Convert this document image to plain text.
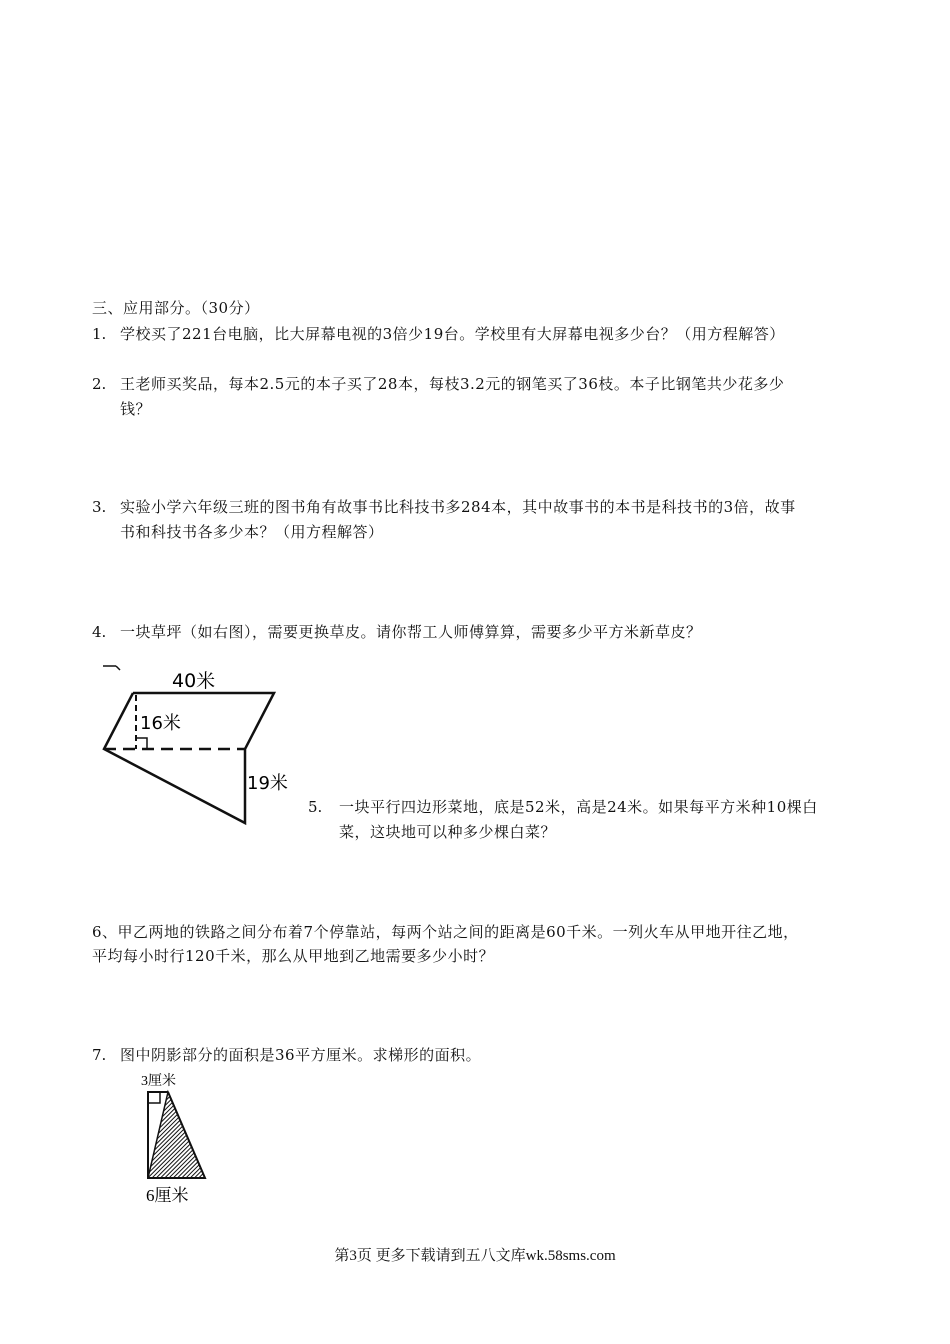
三、应用部分。（30分）
1. 学校买了221台电脑，比大屏幕电视的3倍少19台。学校里有大屏幕电视多少台？（用方程解答）
2. 王老师买奖品，每本2.5元的本子买了28本，每枝3.2元的钢笔买了36枝。本子比钢笔共少花多少
钱？
3. 实验小学六年级三班的图书角有故事书比科技书多284本，其中故事书的本书是科技书的3倍，故事
书和科技书各多少本？（用方程解答）
4. 一块草坪（如右图），需要更换草皮。请你帮工人师傅算算，需要多少平方米新草皮？
40米
16米
19米
5. 一块平行四边形菜地，底是52米，高是24米。如果每平方米种10棵白
菜，这块地可以种多少棵白菜？
6、甲乙两地的铁路之间分布着7个停靠站，每两个站之间的距离是60千米。一列火车从甲地开往乙地，
平均每小时行120千米，那么从甲地到乙地需要多少小时？
7. 图中阴影部分的面积是36平方厘米。求梯形的面积。
3厘米
6厘米
第3页 更多下载请到五八文库wk.58sms.com
